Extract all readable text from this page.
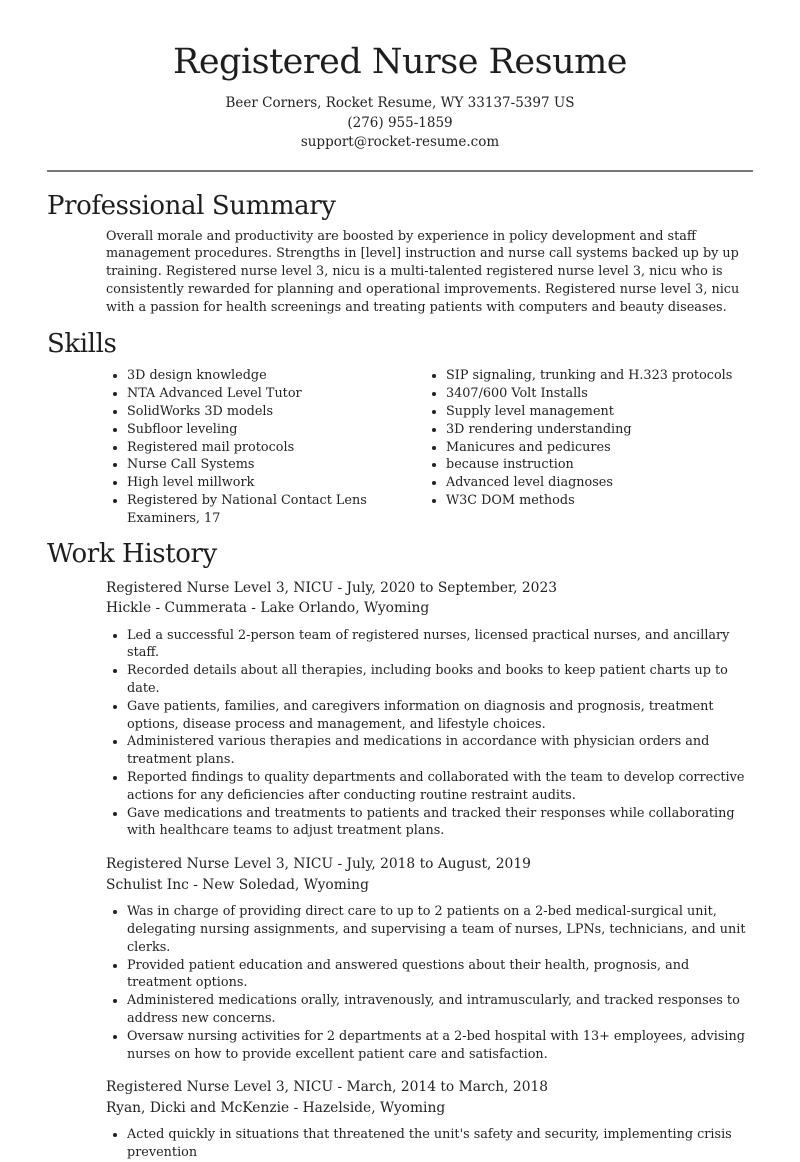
Registered Nurse Resume
Beer Corners, Rocket Resume, WY 33137-5397 US
(276) 955-1859
support@rocket-resume.com
Professional Summary

Overall morale and productivity are boosted by experience in policy development and staff management procedures. Strengths in [level] instruction and nurse call systems backed up by up training. Registered nurse level 3, nicu is a multi-talented registered nurse level 3, nicu who is consistently rewarded for planning and operational improvements. Registered nurse level 3, nicu with a passion for health screenings and treating patients with computers and beauty diseases.

Skills
• 3D design knowledge
• NTA Advanced Level Tutor
• SolidWorks 3D models
• Subfloor leveling
• Registered mail protocols
• Nurse Call Systems
• High level millwork
• Registered by National Contact Lens Examiners, 17
• SIP signaling, trunking and H.323 protocols
• 3407/600 Volt Installs
• Supply level management
• 3D rendering understanding
• Manicures and pedicures
• because instruction
• Advanced level diagnoses
• W3C DOM methods
Work History
Registered Nurse Level 3, NICU - July, 2020 to September, 2023
Hickle - Cummerata - Lake Orlando, Wyoming
• Led a successful 2-person team of registered nurses, licensed practical nurses, and ancillary staff.
• Recorded details about all therapies, including books and books to keep patient charts up to date.
• Gave patients, families, and caregivers information on diagnosis and prognosis, treatment options, disease process and management, and lifestyle choices.
• Administered various therapies and medications in accordance with physician orders and treatment plans.
• Reported findings to quality departments and collaborated with the team to develop corrective actions for any deficiencies after conducting routine restraint audits.
• Gave medications and treatments to patients and tracked their responses while collaborating with healthcare teams to adjust treatment plans.
Registered Nurse Level 3, NICU - July, 2018 to August, 2019
Schulist Inc - New Soledad, Wyoming
• Was in charge of providing direct care to up to 2 patients on a 2-bed medical-surgical unit, delegating nursing assignments, and supervising a team of nurses, LPNs, technicians, and unit clerks.
• Provided patient education and answered questions about their health, prognosis, and treatment options.
• Administered medications orally, intravenously, and intramuscularly, and tracked responses to address new concerns.
• Oversaw nursing activities for 2 departments at a 2-bed hospital with 13+ employees, advising nurses on how to provide excellent patient care and satisfaction.
Registered Nurse Level 3, NICU - March, 2014 to March, 2018
Ryan, Dicki and McKenzie - Hazelside, Wyoming
• Acted quickly in situations that threatened the unit's safety and security, implementing crisis prevention
